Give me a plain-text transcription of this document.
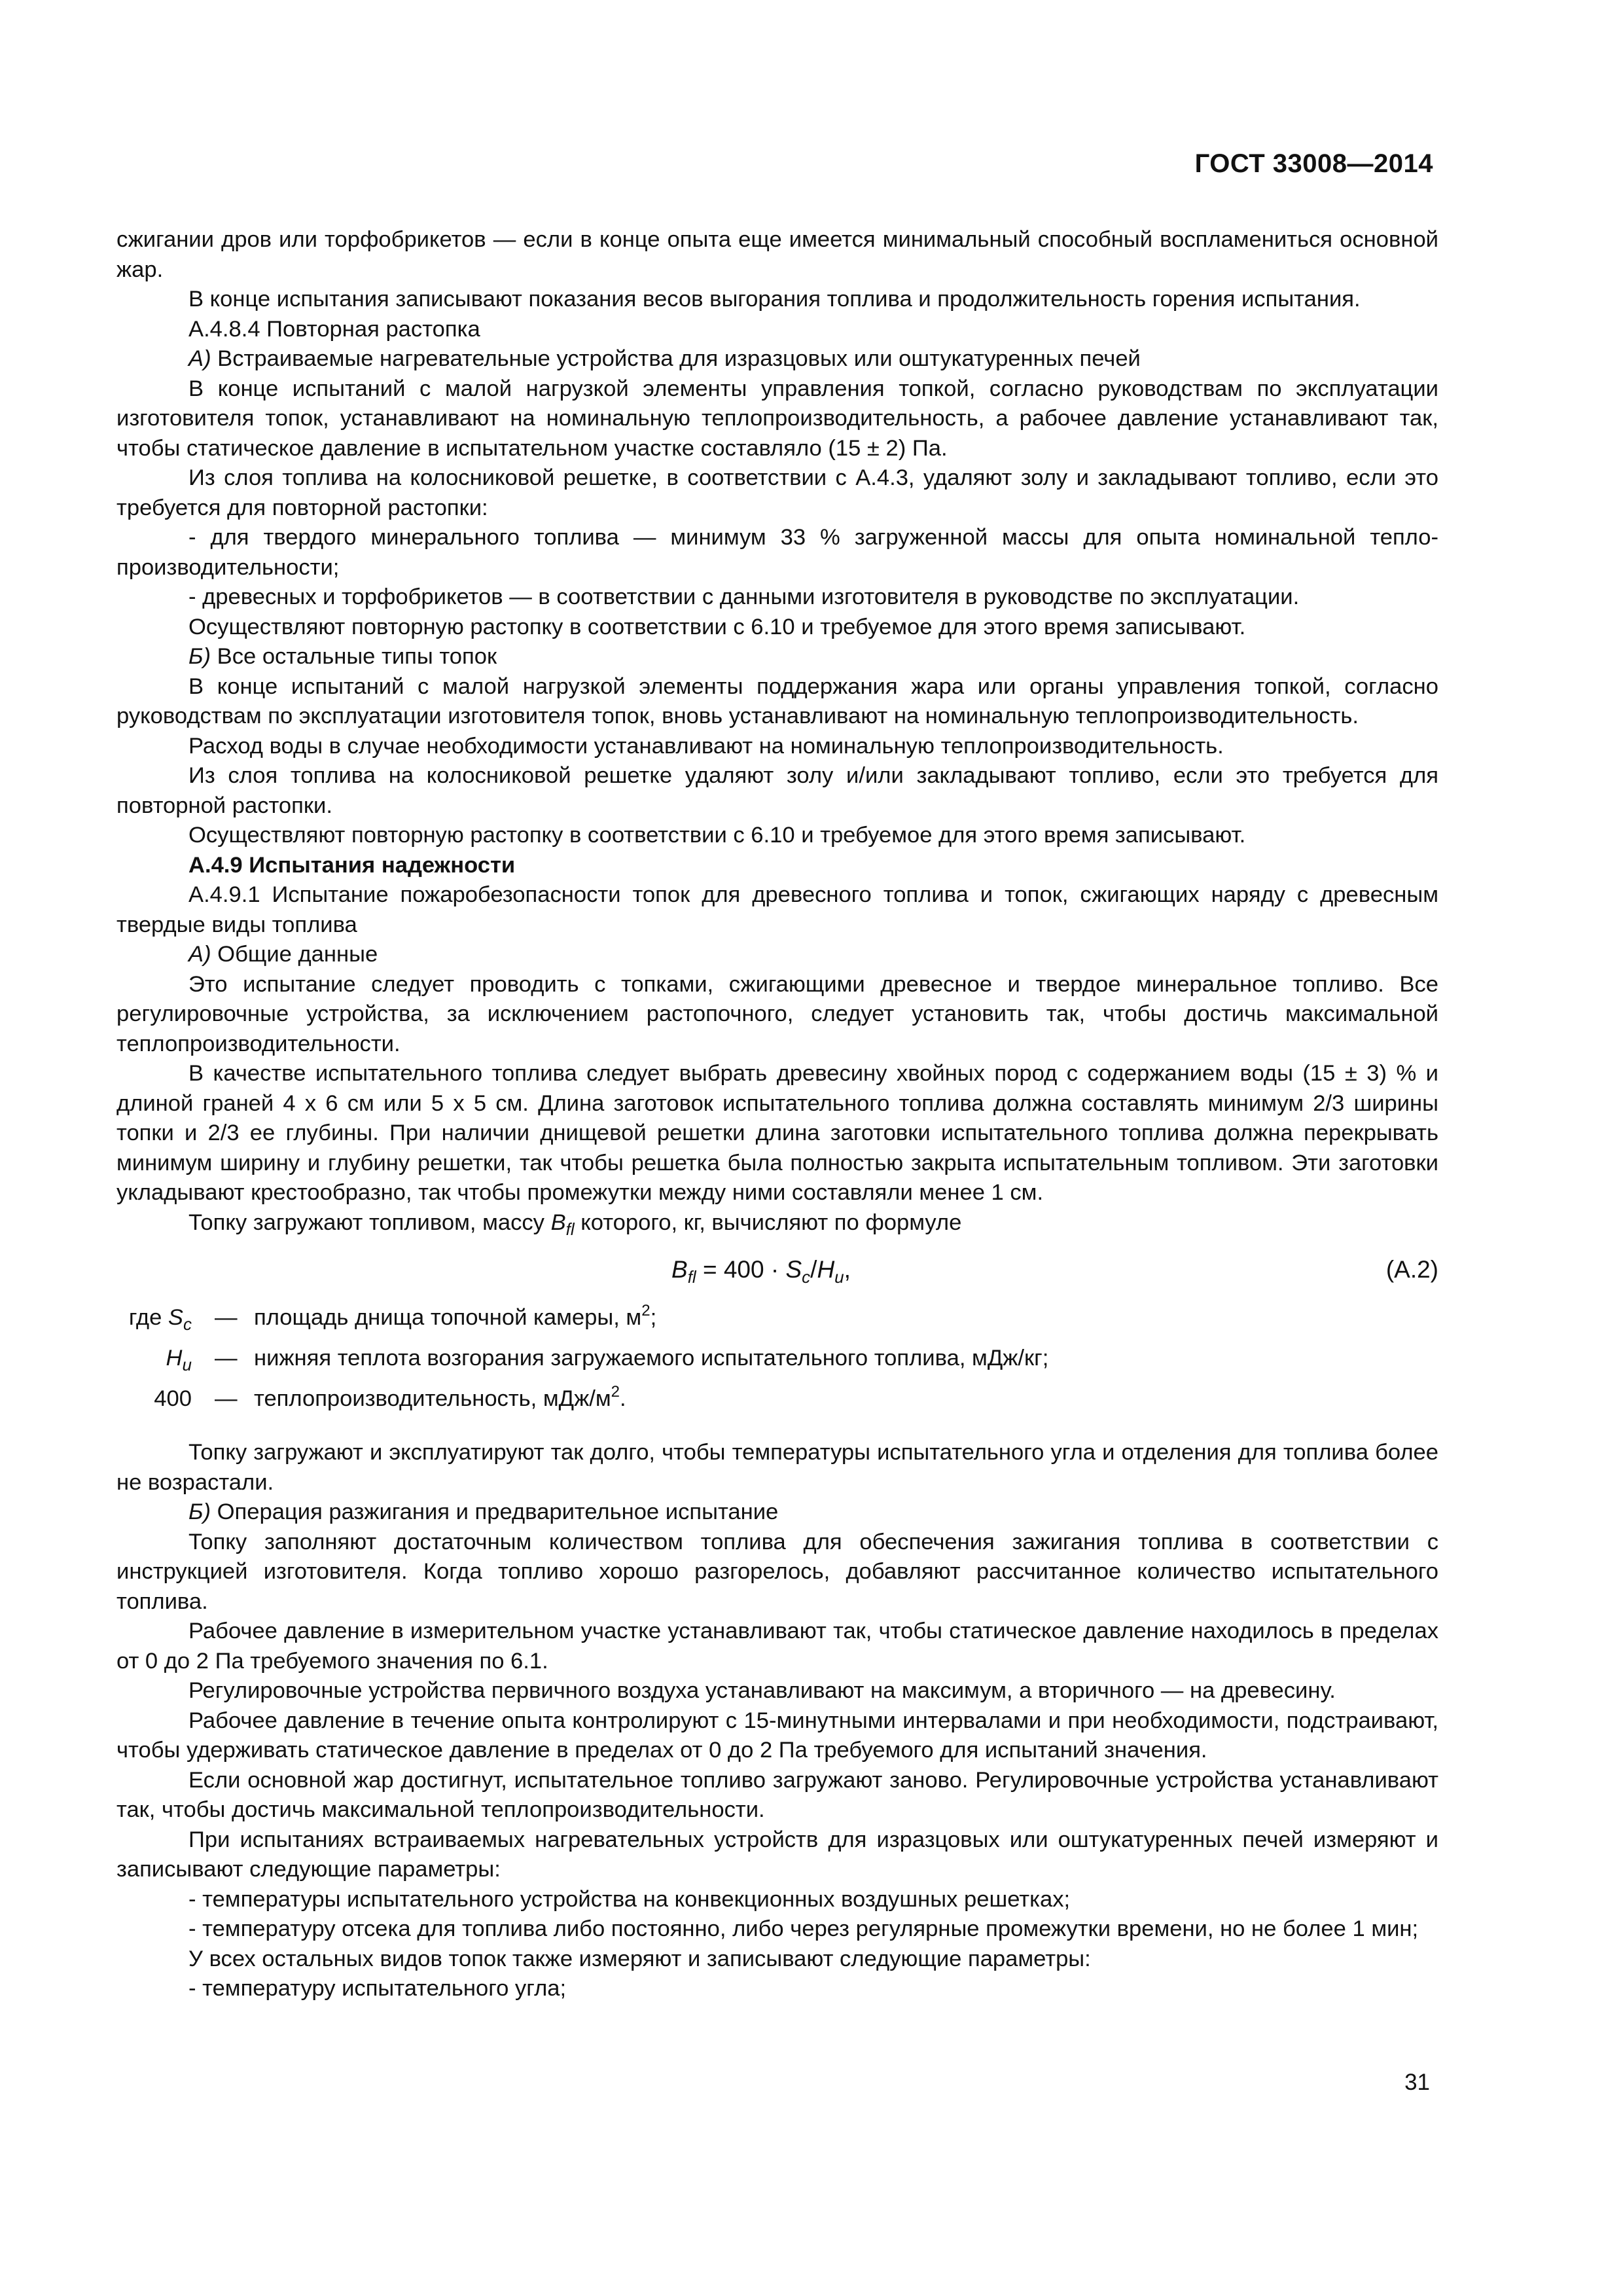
ГОСТ 33008—2014

сжигании дров или торфобрикетов — если в конце опыта еще имеется минимальный способный воспламениться основной жар.

В конце испытания записывают показания весов выгорания топлива и продолжительность горения испытания.

А.4.8.4 Повторная растопка

А) Встраиваемые нагревательные устройства для изразцовых или оштукатуренных печей

В конце испытаний с малой нагрузкой элементы управления топкой, согласно руководствам по эксплуатации изготовителя топок, устанавливают на номинальную теплопроизводительность, а рабочее давление устанавливают так, чтобы статическое давление в испытательном участке составляло (15 ± 2) Па.

Из слоя топлива на колосниковой решетке, в соответствии с А.4.3, удаляют золу и закладывают топливо, если это требуется для повторной растопки:

- для твердого минерального топлива — минимум 33 % загруженной массы для опыта номинальной теплопроизводительности;

- древесных и торфобрикетов — в соответствии с данными изготовителя в руководстве по эксплуатации.

Осуществляют повторную растопку в соответствии с 6.10 и требуемое для этого время записывают.

Б) Все остальные типы топок

В конце испытаний с малой нагрузкой элементы поддержания жара или органы управления топкой, согласно руководствам по эксплуатации изготовителя топок, вновь устанавливают на номинальную теплопроизводительность.

Расход воды в случае необходимости устанавливают на номинальную теплопроизводительность.

Из слоя топлива на колосниковой решетке удаляют золу и/или закладывают топливо, если это требуется для повторной растопки.

Осуществляют повторную растопку в соответствии с 6.10 и требуемое для этого время записывают.

А.4.9 Испытания надежности

А.4.9.1 Испытание пожаробезопасности топок для древесного топлива и топок, сжигающих наряду с древесным твердые виды топлива

А) Общие данные

Это испытание следует проводить с топками, сжигающими древесное и твердое минеральное топливо. Все регулировочные устройства, за исключением растопочного, следует установить так, чтобы достичь максимальной теплопроизводительности.

В качестве испытательного топлива следует выбрать древесину хвойных пород с содержанием воды (15 ± 3) % и длиной граней 4 х 6 см или 5 х 5 см. Длина заготовок испытательного топлива должна составлять минимум 2/3 ширины топки и 2/3 ее глубины. При наличии днищевой решетки длина заготовки испытательного топлива должна перекрывать минимум ширину и глубину решетки, так чтобы решетка была полностью закрыта испытательным топливом. Эти заготовки укладывают крестообразно, так чтобы промежутки между ними составляли менее 1 см.

Топку загружают топливом, массу $B_{fl}$ которого, кг, вычисляют по формуле

$B_{fl} = 400 \cdot S_c/H_u$,	(А.2)
где $S_c$ — площадь днища топочной камеры, $м^2$;
$H_u$ — нижняя теплота возгорания загружаемого испытательного топлива, мДж/кг;
400 — теплопроизводительность, мДж/$м^2$.

Топку загружают и эксплуатируют так долго, чтобы температуры испытательного угла и отделения для топлива более не возрастали.

Б) Операция разжигания и предварительное испытание

Топку заполняют достаточным количеством топлива для обеспечения зажигания топлива в соответствии с инструкцией изготовителя. Когда топливо хорошо разгорелось, добавляют рассчитанное количество испытательного топлива.

Рабочее давление в измерительном участке устанавливают так, чтобы статическое давление находилось в пределах от 0 до 2 Па требуемого значения по 6.1.

Регулировочные устройства первичного воздуха устанавливают на максимум, а вторичного — на древесину.

Рабочее давление в течение опыта контролируют с 15-минутными интервалами и при необходимости, подстраивают, чтобы удерживать статическое давление в пределах от 0 до 2 Па требуемого для испытаний значения.

Если основной жар достигнут, испытательное топливо загружают заново. Регулировочные устройства устанавливают так, чтобы достичь максимальной теплопроизводительности.

При испытаниях встраиваемых нагревательных устройств для изразцовых или оштукатуренных печей измеряют и записывают следующие параметры:

- температуры испытательного устройства на конвекционных воздушных решетках;

- температуру отсека для топлива либо постоянно, либо через регулярные промежутки времени, но не более 1 мин;

У всех остальных видов топок также измеряют и записывают следующие параметры:

- температуру испытательного угла;

31
